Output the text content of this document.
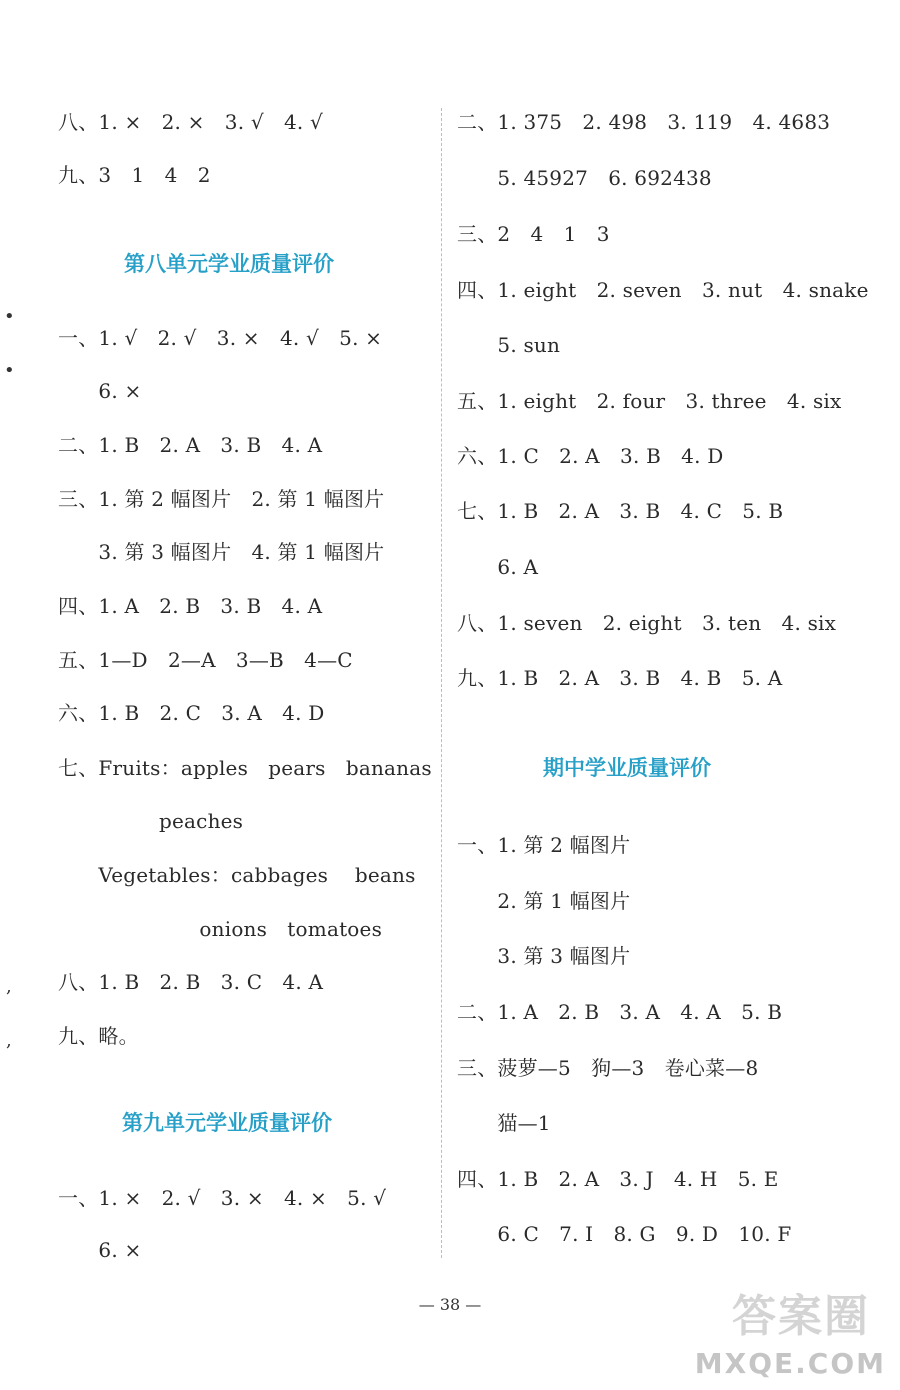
八、1. ×　2. ×　3. √　4. √
九、3　1　4　2
第八单元学业质量评价
一、1. √　2. √　3. ×　4. √　5. ×
　　6. ×
二、1. B　2. A　3. B　4. A
三、1. 第 2 幅图片　2. 第 1 幅图片
　　3. 第 3 幅图片　4. 第 1 幅图片
四、1. A　2. B　3. B　4. A
五、1—D　2—A　3—B　4—C
六、1. B　2. C　3. A　4. D
七、Fruits：apples　pears　bananas
　　　　　peaches
　　Vegetables：cabbages　 beans
　　　　　　　onions　tomatoes
八、1. B　2. B　3. C　4. A
九、略。
第九单元学业质量评价
一、1. ×　2. √　3. ×　4. ×　5. √
　　6. ×
二、1. 375　2. 498　3. 119　4. 4683
　　5. 45927　6. 692438
三、2　4　1　3
四、1. eight　2. seven　3. nut　4. snake
　　5. sun
五、1. eight　2. four　3. three　4. six
六、1. C　2. A　3. B　4. D
七、1. B　2. A　3. B　4. C　5. B
　　6. A
八、1. seven　2. eight　3. ten　4. six
九、1. B　2. A　3. B　4. B　5. A
期中学业质量评价
一、1. 第 2 幅图片
　　2. 第 1 幅图片
　　3. 第 3 幅图片
二、1. A　2. B　3. A　4. A　5. B
三、菠萝—5　狗—3　卷心菜—8
　　猫—1
四、1. B　2. A　3. J　4. H　5. E
　　6. C　7. I　8. G　9. D　10. F
•
•
,
,
— 38 —	答案圈
MXQE.COM
